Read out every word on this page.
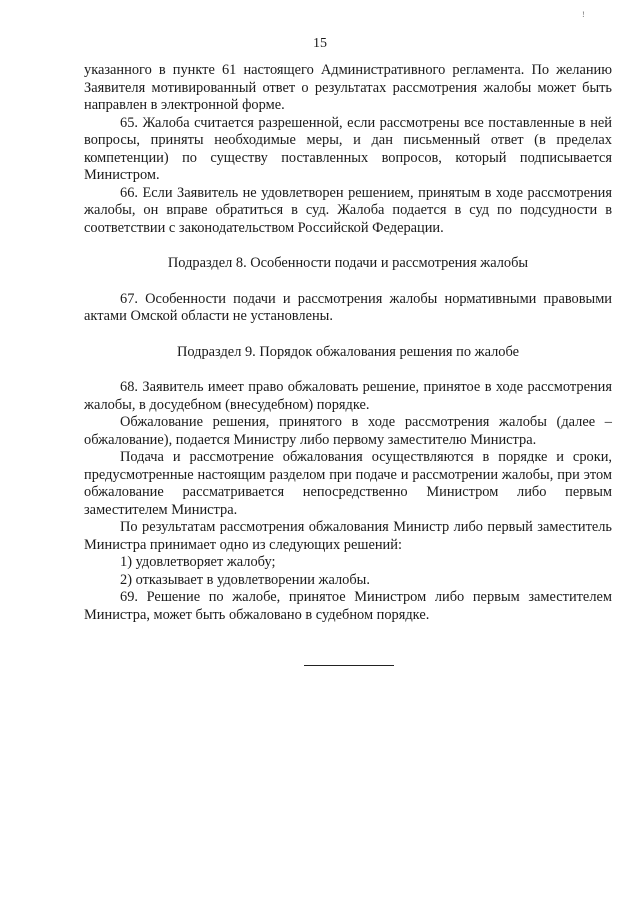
!
15

указанного в пункте 61 настоящего Административного регламента. По желанию Заявителя мотивированный ответ о результатах рассмотрения жалобы может быть направлен в электронной форме.

65. Жалоба считается разрешенной, если рассмотрены все поставленные в ней вопросы, приняты необходимые меры, и дан письменный ответ (в пределах компетенции) по существу поставленных вопросов, который подписывается Министром.

66. Если Заявитель не удовлетворен решением, принятым в ходе рассмотрения жалобы, он вправе обратиться в суд. Жалоба подается в суд по подсудности в соответствии с законодательством Российской Федерации.

Подраздел 8. Особенности подачи и рассмотрения жалобы

67. Особенности подачи и рассмотрения жалобы нормативными правовыми актами Омской области не установлены.

Подраздел 9. Порядок обжалования решения по жалобе

68. Заявитель имеет право обжаловать решение, принятое в ходе рассмотрения жалобы, в досудебном (внесудебном) порядке.

Обжалование решения, принятого в ходе рассмотрения жалобы (далее – обжалование), подается Министру либо первому заместителю Министра.

Подача и рассмотрение обжалования осуществляются в порядке и сроки, предусмотренные настоящим разделом при подаче и рассмотрении жалобы, при этом обжалование рассматривается непосредственно Министром либо первым заместителем Министра.

По результатам рассмотрения обжалования Министр либо первый заместитель Министра принимает одно из следующих решений:

1) удовлетворяет жалобу;

2) отказывает в удовлетворении жалобы.

69. Решение по жалобе, принятое Министром либо первым заместителем Министра, может быть обжаловано в судебном порядке.
